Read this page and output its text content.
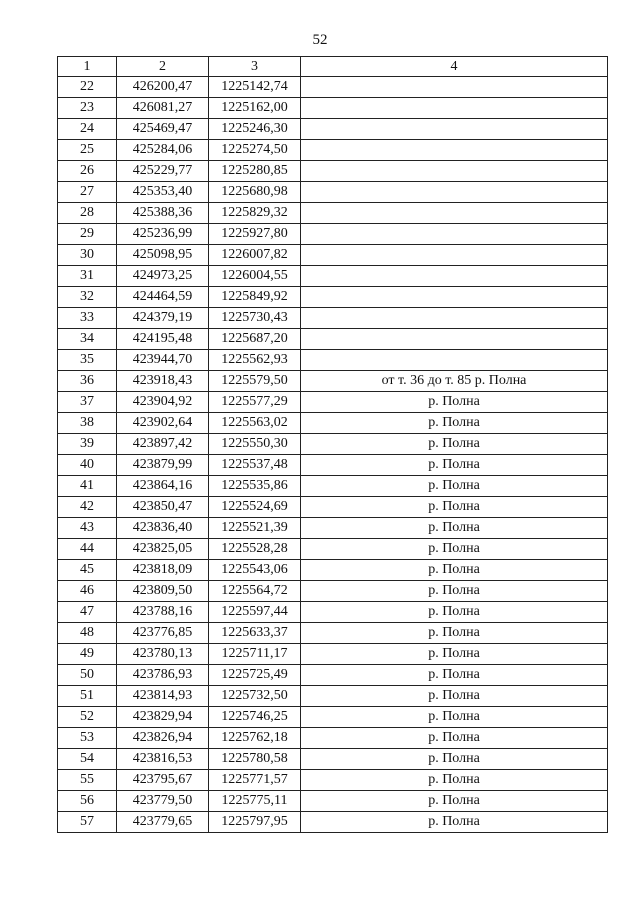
52
1	2	3	4
22	426200,47	1225142,74	
23	426081,27	1225162,00	
24	425469,47	1225246,30	
25	425284,06	1225274,50	
26	425229,77	1225280,85	
27	425353,40	1225680,98	
28	425388,36	1225829,32	
29	425236,99	1225927,80	
30	425098,95	1226007,82	
31	424973,25	1226004,55	
32	424464,59	1225849,92	
33	424379,19	1225730,43	
34	424195,48	1225687,20	
35	423944,70	1225562,93	
36	423918,43	1225579,50	от т. 36 до т. 85 р. Полна
37	423904,92	1225577,29	р. Полна
38	423902,64	1225563,02	р. Полна
39	423897,42	1225550,30	р. Полна
40	423879,99	1225537,48	р. Полна
41	423864,16	1225535,86	р. Полна
42	423850,47	1225524,69	р. Полна
43	423836,40	1225521,39	р. Полна
44	423825,05	1225528,28	р. Полна
45	423818,09	1225543,06	р. Полна
46	423809,50	1225564,72	р. Полна
47	423788,16	1225597,44	р. Полна
48	423776,85	1225633,37	р. Полна
49	423780,13	1225711,17	р. Полна
50	423786,93	1225725,49	р. Полна
51	423814,93	1225732,50	р. Полна
52	423829,94	1225746,25	р. Полна
53	423826,94	1225762,18	р. Полна
54	423816,53	1225780,58	р. Полна
55	423795,67	1225771,57	р. Полна
56	423779,50	1225775,11	р. Полна
57	423779,65	1225797,95	р. Полна
